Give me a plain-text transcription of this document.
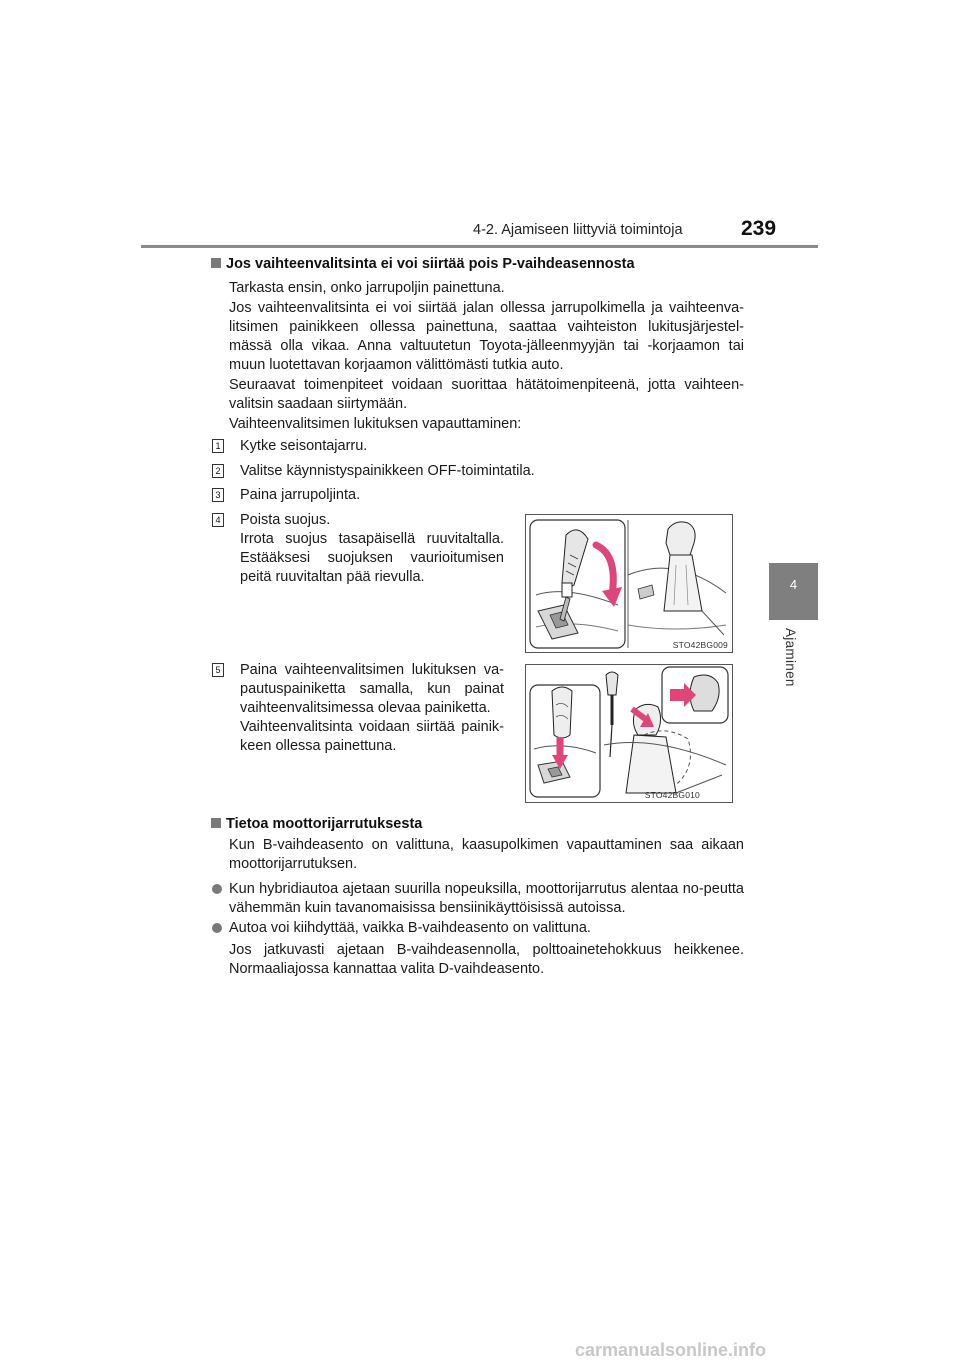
4-2. Ajamiseen liittyviä toimintoja	239
4
Ajaminen
Jos vaihteenvalitsinta ei voi siirtää pois P-vaihdeasennosta
Tarkasta ensin, onko jarrupoljin painettuna.
Jos vaihteenvalitsinta ei voi siirtää jalan ollessa jarrupolkimella ja vaihteenva-litsimen painikkeen ollessa painettuna, saattaa vaihteiston lukitusjärjestel-mässä olla vikaa. Anna valtuutetun Toyota-jälleenmyyjän tai -korjaamon tai muun luotettavan korjaamon välittömästi tutkia auto.
Seuraavat toimenpiteet voidaan suorittaa hätätoimenpiteenä, jotta vaihteen-valitsin saadaan siirtymään.
Vaihteenvalitsimen lukituksen vapauttaminen:
1 Kytke seisontajarru.
2 Valitse käynnistyspainikkeen OFF-toimintatila.
3 Paina jarrupoljinta.
4 Poista suojus.
Irrota suojus tasapäisellä ruuvitaltalla. Estääksesi suojuksen vaurioitumisen peitä ruuvitaltan pää rievulla.
5 Paina vaihteenvalitsimen lukituksen va-pautuspainiketta samalla, kun painat vaihteenvalitsimessa olevaa painiketta.
Vaihteenvalitsinta voidaan siirtää painik-keen ollessa painettuna.
STO42BG009
STO42BG010
Tietoa moottorijarrutuksesta
Kun B-vaihdeasento on valittuna, kaasupolkimen vapauttaminen saa aikaan moottorijarrutuksen.
Kun hybridiautoa ajetaan suurilla nopeuksilla, moottorijarrutus alentaa no-peutta vähemmän kuin tavanomaisissa bensiinikäyttöisissä autoissa.
Autoa voi kiihdyttää, vaikka B-vaihdeasento on valittuna.
Jos jatkuvasti ajetaan B-vaihdeasennolla, polttoainetehokkuus heikkenee. Normaaliajossa kannattaa valita D-vaihdeasento.
carmanualsonline.info
